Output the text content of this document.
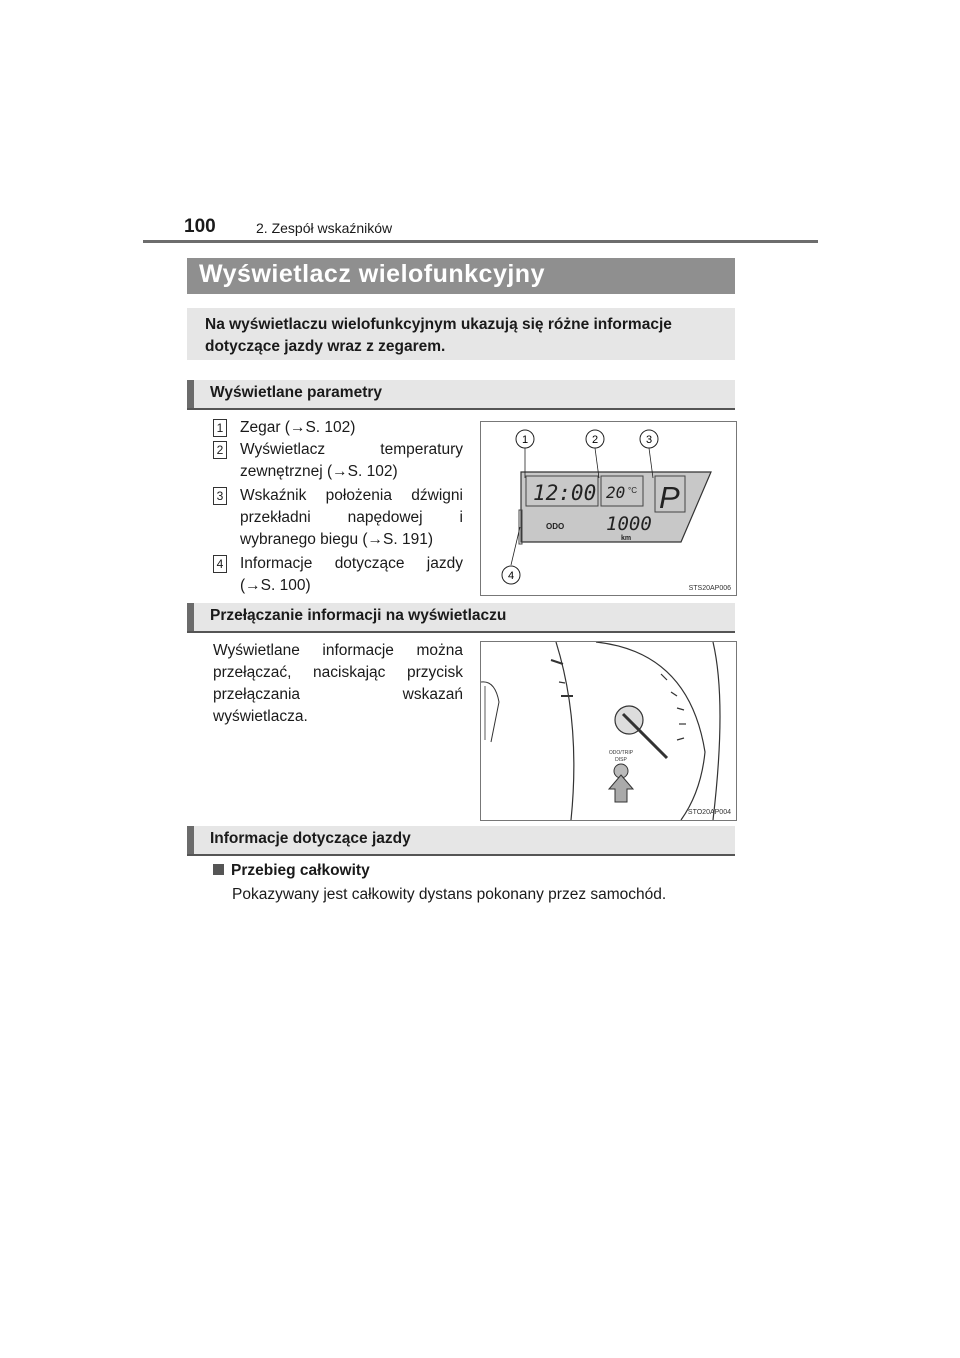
100	2. Zespół wskaźników
Wyświetlacz wielofunkcyjny
Na wyświetlaczu wielofunkcyjnym ukazują się różne informacje dotyczące jazdy wraz z zegarem.
Wyświetlane parametry
1	Zegar (→S. 102)
2	Wyświetlacz temperatury zewnętrznej (→S. 102)
3	Wskaźnik położenia dźwigni przekładni napędowej i wybranego biegu (→S. 191)
4	Informacje dotyczące jazdy (→S. 100)
12:00 20 °C P
ODO 1000
km
1	2	3
4
STS20AP006
Przełączanie informacji na wyświetlaczu
Wyświetlane informacje można przełączać, naciskając przycisk przełączania wskazań wyświetlacza.
ODO/TRIP
DISP
STO20AP004
Informacje dotyczące jazdy
Przebieg całkowity
Pokazywany jest całkowity dystans pokonany przez samochód.
